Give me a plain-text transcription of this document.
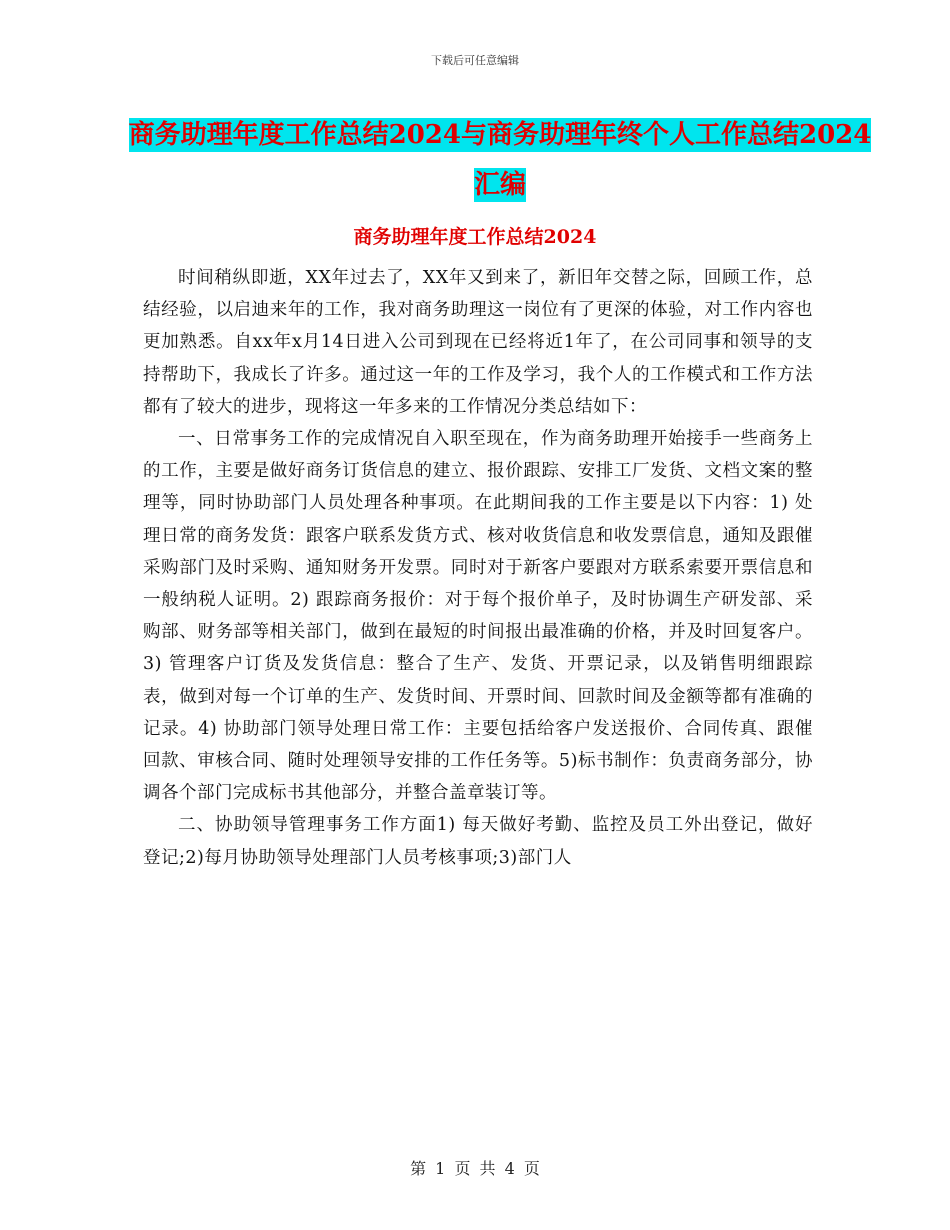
下载后可任意编辑
商务助理年度工作总结2024与商务助理年终个人工作总结2024汇编
商务助理年度工作总结2024

时间稍纵即逝，XX年过去了，XX年又到来了，新旧年交替之际，回顾工作，总结经验，以启迪来年的工作，我对商务助理这一岗位有了更深的体验，对工作内容也更加熟悉。自xx年x月14日进入公司到现在已经将近1年了，在公司同事和领导的支持帮助下，我成长了许多。通过这一年的工作及学习，我个人的工作模式和工作方法都有了较大的进步，现将这一年多来的工作情况分类总结如下：

一、日常事务工作的完成情况自入职至现在，作为商务助理开始接手一些商务上的工作，主要是做好商务订货信息的建立、报价跟踪、安排工厂发货、文档文案的整理等，同时协助部门人员处理各种事项。在此期间我的工作主要是以下内容：1) 处理日常的商务发货：跟客户联系发货方式、核对收货信息和收发票信息，通知及跟催采购部门及时采购、通知财务开发票。同时对于新客户要跟对方联系索要开票信息和一般纳税人证明。2) 跟踪商务报价：对于每个报价单子，及时协调生产研发部、采购部、财务部等相关部门，做到在最短的时间报出最准确的价格，并及时回复客户。3) 管理客户订货及发货信息：整合了生产、发货、开票记录，以及销售明细跟踪表，做到对每一个订单的生产、发货时间、开票时间、回款时间及金额等都有准确的记录。4) 协助部门领导处理日常工作：主要包括给客户发送报价、合同传真、跟催回款、审核合同、随时处理领导安排的工作任务等。5)标书制作：负责商务部分，协调各个部门完成标书其他部分，并整合盖章装订等。

二、协助领导管理事务工作方面1) 每天做好考勤、监控及员工外出登记，做好登记;2)每月协助领导处理部门人员考核事项;3)部门人

第 1 页 共 4 页
